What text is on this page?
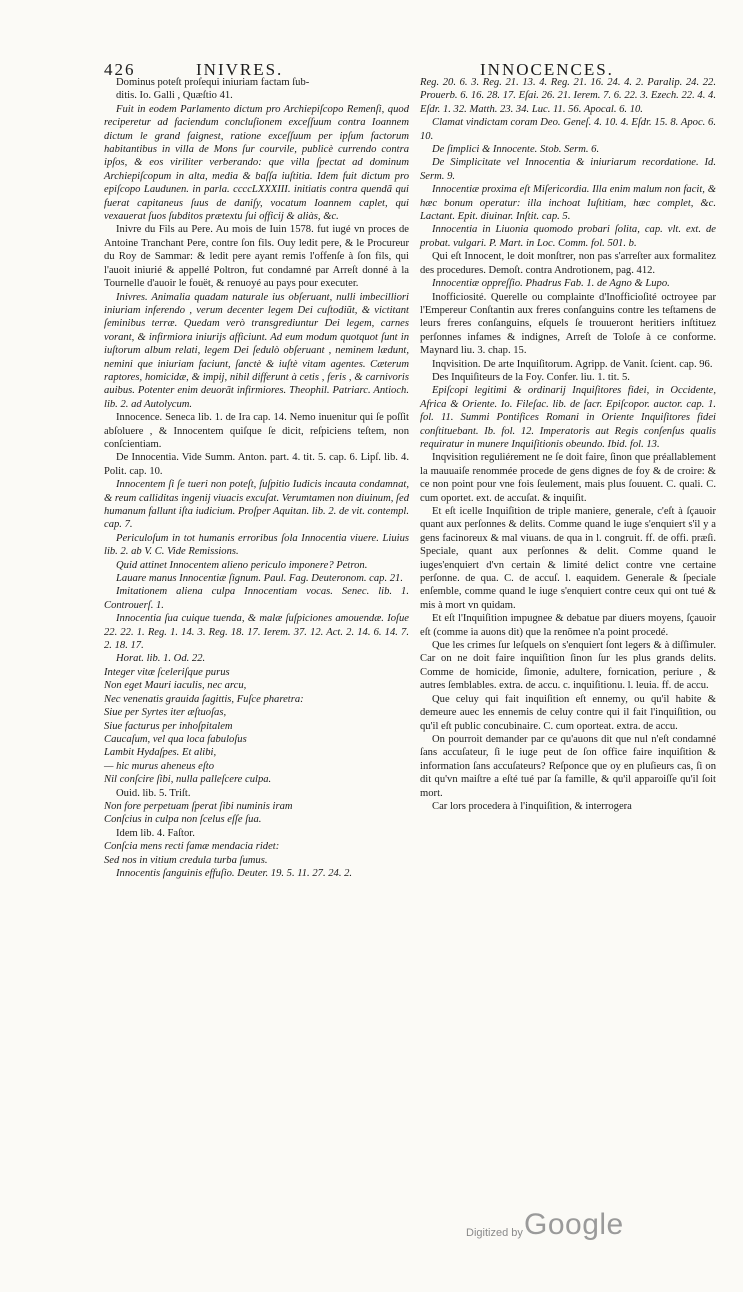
426	INIVRES.	INNOCENCES.

Dominus poteſt proſequi iniuriam factam ſub-

ditis. Io. Galli , Quæſtio 41.

Fuit in eodem Parlamento dictum pro Archiepiſcopo Remenſi, quod reciperetur ad faciendum concluſionem exceſſuum contra Ioannem dictum le grand faignest, ratione exceſſuum per ipſum factorum habitantibus in villa de Mons ſur courvile, publicè currendo contra ipſos, & eos viriliter verberando: que villa ſpectat ad dominum Archiepiſcopum in alta, media & baſſa iuſtitia. Idem fuit dictum pro epiſcopo Laudunen. in parla. ccccLXXXIII. initiatis contra quendã qui fuerat capitaneus ſuus de daniſy, vocatum Ioannem caplet, qui vexauerat ſuos ſubditos prætextu ſui officij & aliàs, &c.

Inivre du Fils au Pere. Au mois de Iuin 1578. fut iugé vn proces de Antoine Tranchant Pere, contre ſon fils. Ouy ledit pere, & le Procureur du Roy de Sammar: & ledit pere ayant remis l'offenſe à ſon fils, qui l'auoit iniurié & appellé Poltron, fut condamné par Arreſt donné à la Tournelle d'auoir le fouët, & renuoyé au pays pour executer.

Inivres. Animalia quadam naturale ius obſeruant, nulli imbecilliori iniuriam inferendo , verum decenter legem Dei cuſtodiũt, & victitant ſeminibus terræ. Quedam verò transgrediuntur Dei legem, carnes vorant, & infirmiora iniurijs afficiunt. Ad eum modum quotquot ſunt in iuſtorum album relati, legem Dei ſedulò obſeruant , neminem lædunt, nemini que iniuriam faciunt, ſanctè & iuſtè vitam agentes. Cæterum raptores, homicidæ, & impij, nihil differunt à cetis , feris , & carnivoris auibus. Potenter enim deuorãt infirmiores. Theophil. Patriarc. Antioch. lib. 2. ad Autolycum.

Innocence. Seneca lib. 1. de Ira cap. 14. Nemo inuenitur qui ſe poſſit abſoluere , & Innocentem quiſque ſe dicit, reſpiciens teſtem, non conſcientiam.

De Innocentia. Vide Summ. Anton. part. 4. tit. 5. cap. 6. Lipſ. lib. 4. Polit. cap. 10.

Innocentem ſi ſe tueri non poteſt, ſuſpitio Iudicis incauta condamnat, & reum calliditas ingenij viuacis excuſat. Verumtamen non diuinum, ſed humanum fallunt iſta iudicium. Proſper Aquitan. lib. 2. de vit. contempl. cap. 7.

Periculoſum in tot humanis erroribus ſola Innocentia viuere. Liuius lib. 2. ab V. C. Vide Remissions.

Quid attinet Innocentem alieno periculo imponere? Petron.

Lauare manus Innocentiæ ſignum. Paul. Fag. Deuteronom. cap. 21.

Imitationem aliena culpa Innocentiam vocas. Senec. lib. 1. Controuerſ. 1.

Innocentia ſua cuique tuenda, & malæ ſuſpiciones amouendæ. Ioſue 22. 22. 1. Reg. 1. 14. 3. Reg. 18. 17. Ierem. 37. 12. Act. 2. 14. 6. 14. 7. 2. 18. 17.

Horat. lib. 1. Od. 22.

Integer vitæ ſceleriſque purus

Non eget Mauri iaculis, nec arcu,

Nec venenatis grauida ſagittis, Fuſce pharetra:

Siue per Syrtes iter æſtuoſas,

Siue facturus per inhoſpitalem

Caucaſum, vel qua loca fabuloſus

Lambit Hydaſpes. Et alibi,

— hic murus aheneus eſto

Nil conſcire ſibi, nulla palleſcere culpa.

Ouid. lib. 5. Triſt.

Non fore perpetuam ſperat ſibi numinis iram

Conſcius in culpa non ſcelus eſſe ſua.

Idem lib. 4. Faſtor.

Conſcia mens recti famæ mendacia ridet:

Sed nos in vitium credula turba ſumus.

Innocentis ſanguinis effuſio. Deuter. 19. 5. 11. 27. 24. 2.

Reg. 20. 6. 3. Reg. 21. 13. 4. Reg. 21. 16. 24. 4. 2. Paralip. 24. 22. Prouerb. 6. 16. 28. 17. Eſai. 26. 21. Ierem. 7. 6. 22. 3. Ezech. 22. 4. 4. Eſdr. 1. 32. Matth. 23. 34. Luc. 11. 56. Apocal. 6. 10.

Clamat vindictam coram Deo. Geneſ. 4. 10. 4. Eſdr. 15. 8. Apoc. 6. 10.

De ſimplici & Innocente. Stob. Serm. 6.

De Simplicitate vel Innocentia & iniuriarum recordatione. Id. Serm. 9.

Innocentiæ proxima eſt Miſericordia. Illa enim malum non facit, & hæc bonum operatur: illa inchoat Iuſtitiam, hæc complet, &c. Lactant. Epit. diuinar. Inſtit. cap. 5.

Innocentia in Liuonia quomodo probari ſolita, cap. vlt. ext. de probat. vulgari. P. Mart. in Loc. Comm. fol. 501. b.

Qui eſt Innocent, le doit monſtrer, non pas s'arreſter aux formalitez des procedures. Demoſt. contra Androtionem, pag. 412.

Innocentiæ oppreſſio. Phadrus Fab. 1. de Agno & Lupo.

Inofficiosité. Querelle ou complainte d'Inofficioſité octroyee par l'Empereur Conſtantin aux freres conſanguins contre les teſtamens de leurs freres conſanguins, eſquels ſe trouueront heritiers inſtituez perſonnes infames & indignes, Arreſt de Toloſe à ce conforme. Maynard liu. 3. chap. 15.

Inqvisition. De arte Inquiſitorum. Agripp. de Vanit. ſcient. cap. 96.

Des Inquiſiteurs de la Foy. Confer. liu. 1. tit. 5.

Epiſcopi legitimi & ordinarij Inquiſitores fidei, in Occidente, Africa & Oriente. Io. Fileſac. lib. de ſacr. Epiſcopor. auctor. cap. 1. fol. 11. Summi Pontifices Romani in Oriente Inquiſitores fidei conſtituebant. Ib. fol. 12. Imperatoris aut Regis conſenſus qualis requiratur in munere Inquiſitionis obeundo. Ibid. fol. 13.

Inqvisition reguliérement ne ſe doit faire, ſinon que préallablement la mauuaiſe renommée procede de gens dignes de foy & de croire: & ce non point pour vne fois ſeulement, mais plus ſouuent. C. quali. C. cum oportet. ext. de accuſat. & inquiſit.

Et eſt icelle Inquiſition de triple maniere, generale, c'eſt à ſçauoir quant aux perſonnes & delits. Comme quand le iuge s'enquiert s'il y a gens facinoreux & mal viuans. de qua in l. congruit. ff. de offi. præſi. Speciale, quant aux perſonnes & delit. Comme quand le iuges'enquiert d'vn certain & limité delict contre vne certaine perſonne. de qua. C. de accuſ. l. eaquidem. Generale & ſpeciale enſemble, comme quand le iuge s'enquiert contre ceux qui ont tué & mis à mort vn quidam.

Et eſt l'Inquiſition impugnee & debatue par diuers moyens, ſçauoir eſt (comme ia auons dit) que la renõmee n'a point procedé.

Que les crimes ſur leſquels on s'enquiert ſont legers & à diſſimuler. Car on ne doit faire inquiſition ſinon ſur les plus grands delits. Comme de homicide, ſimonie, adultere, fornication, periure , & autres ſemblables. extra. de accu. c. inquiſitionu. l. leuia. ff. de accu.

Que celuy qui fait inquiſition eſt ennemy, ou qu'il habite & demeure auec les ennemis de celuy contre qui il fait l'inquiſition, ou qu'il eſt public concubinaire. C. cum oporteat. extra. de accu.

On pourroit demander par ce qu'auons dit que nul n'eſt condamné ſans accuſateur, ſi le iuge peut de ſon office faire inquiſition & information ſans accuſateurs? Reſponce que oy en pluſieurs cas, ſi on dit qu'vn maiſtre a eſté tué par ſa famille, & qu'il apparoiſſe qu'il ſoit mort.

Car lors procedera à l'inquiſition, & interrogera

Digitized by Google
